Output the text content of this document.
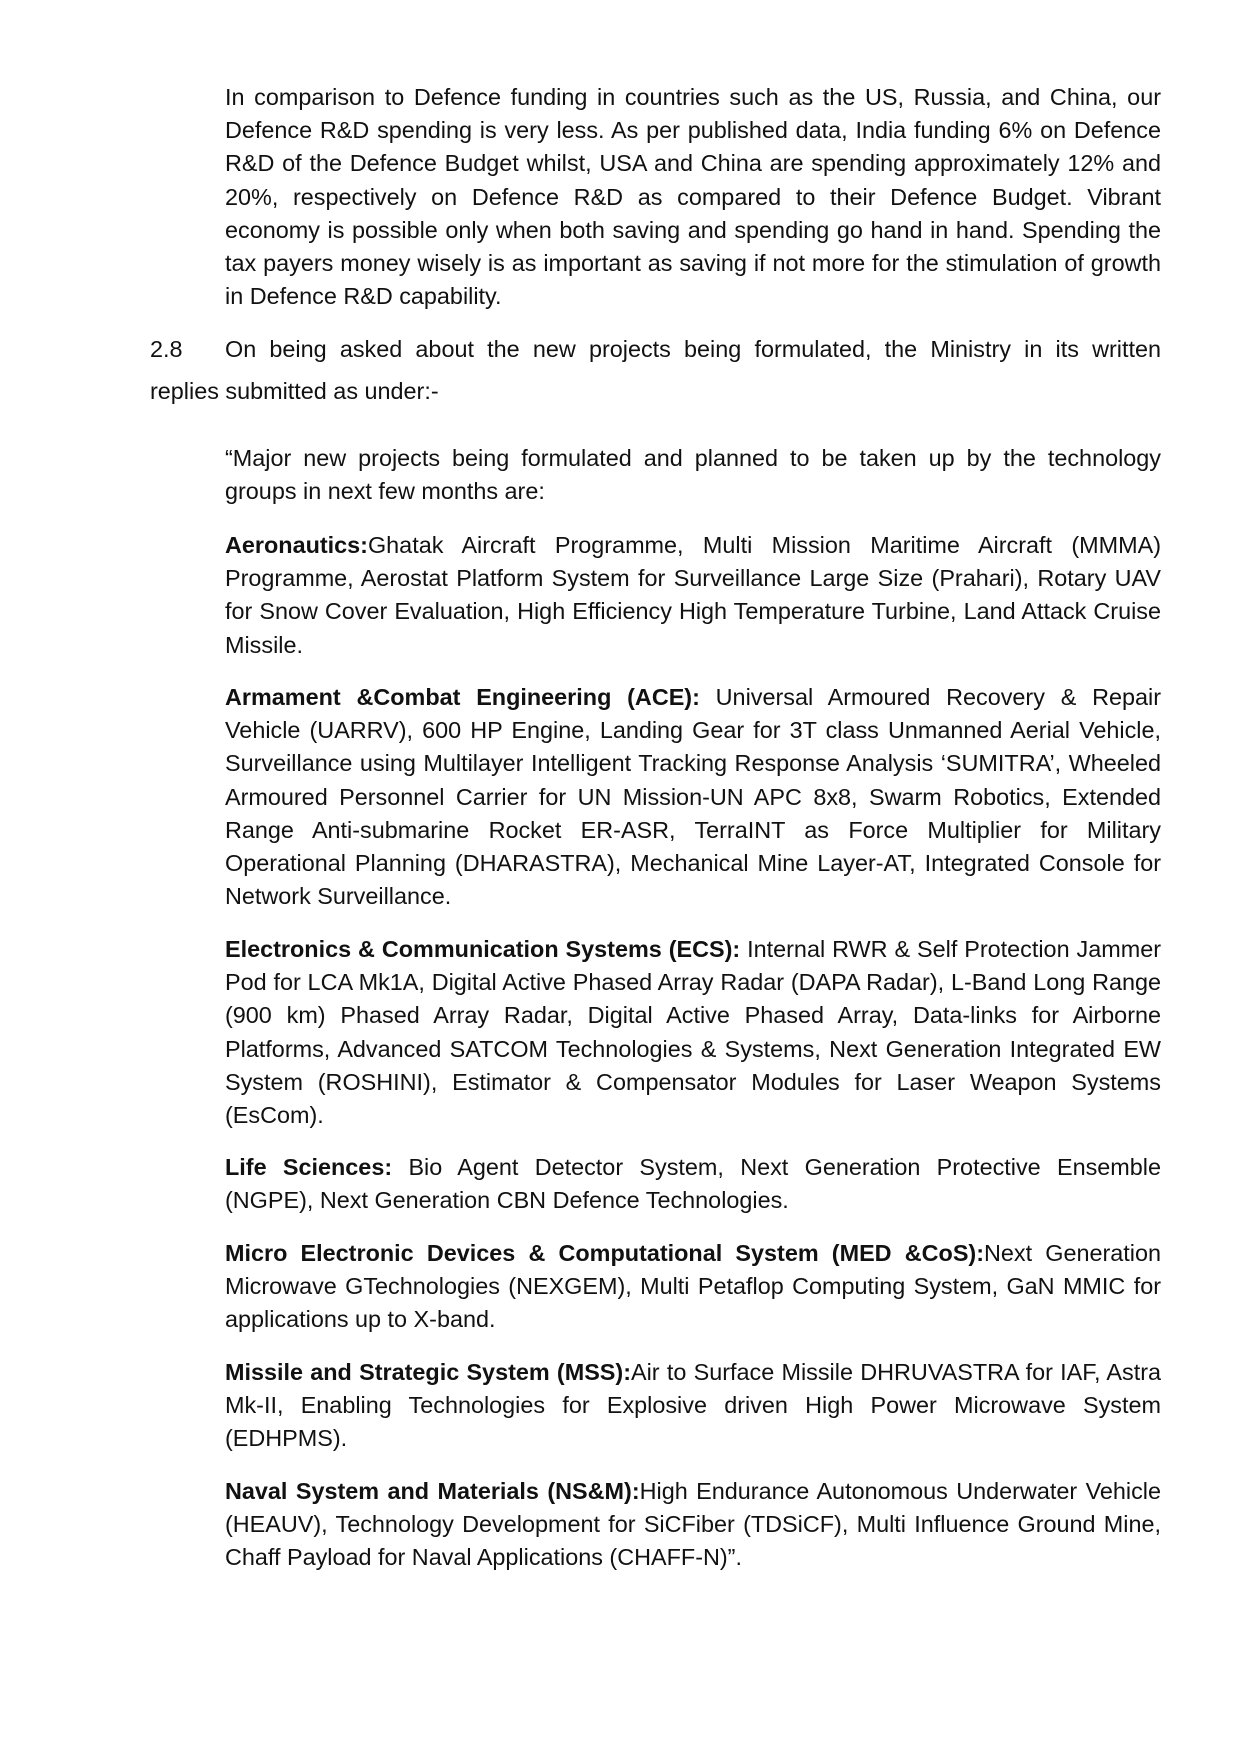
In comparison to Defence funding in countries such as the US, Russia, and China, our Defence R&D spending is very less. As per published data, India funding 6% on Defence R&D of the Defence Budget whilst, USA and China are spending approximately 12% and 20%, respectively on Defence R&D as compared to their Defence Budget. Vibrant economy is possible only when both saving and spending go hand in hand. Spending the tax payers money wisely is as important as saving if not more for the stimulation of growth in Defence R&D capability.

2.8	On being asked about the new projects being formulated, the Ministry in its written
replies submitted as under:-

“Major new projects being formulated and planned to be taken up by the technology groups in next few months are:

Aeronautics:Ghatak Aircraft Programme, Multi Mission Maritime Aircraft (MMMA) Programme, Aerostat Platform System for Surveillance Large Size (Prahari), Rotary UAV for Snow Cover Evaluation, High Efficiency High Temperature Turbine, Land Attack Cruise Missile.

Armament &Combat Engineering (ACE): Universal Armoured Recovery & Repair Vehicle (UARRV), 600 HP Engine, Landing Gear for 3T class Unmanned Aerial Vehicle, Surveillance using Multilayer Intelligent Tracking Response Analysis ‘SUMITRA’, Wheeled Armoured Personnel Carrier for UN Mission-UN APC 8x8, Swarm Robotics, Extended Range Anti-submarine Rocket ER-ASR, TerraINT as Force Multiplier for Military Operational Planning (DHARASTRA), Mechanical Mine Layer-AT, Integrated Console for Network Surveillance.

Electronics & Communication Systems (ECS): Internal RWR & Self Protection Jammer Pod for LCA Mk1A, Digital Active Phased Array Radar (DAPA Radar), L-Band Long Range (900 km) Phased Array Radar, Digital Active Phased Array, Data-links for Airborne Platforms, Advanced SATCOM Technologies & Systems, Next Generation Integrated EW System (ROSHINI), Estimator & Compensator Modules for Laser Weapon Systems (EsCom).

Life Sciences: Bio Agent Detector System, Next Generation Protective Ensemble (NGPE), Next Generation CBN Defence Technologies.

Micro Electronic Devices & Computational System (MED &CoS):Next Generation Microwave GTechnologies (NEXGEM), Multi Petaflop Computing System, GaN MMIC for applications up to X-band.

Missile and Strategic System (MSS):Air to Surface Missile DHRUVASTRA for IAF, Astra Mk-II, Enabling Technologies for Explosive driven High Power Microwave System (EDHPMS).

Naval System and Materials (NS&M):High Endurance Autonomous Underwater Vehicle (HEAUV), Technology Development for SiCFiber (TDSiCF), Multi Influence Ground Mine, Chaff Payload for Naval Applications (CHAFF-N)”.
